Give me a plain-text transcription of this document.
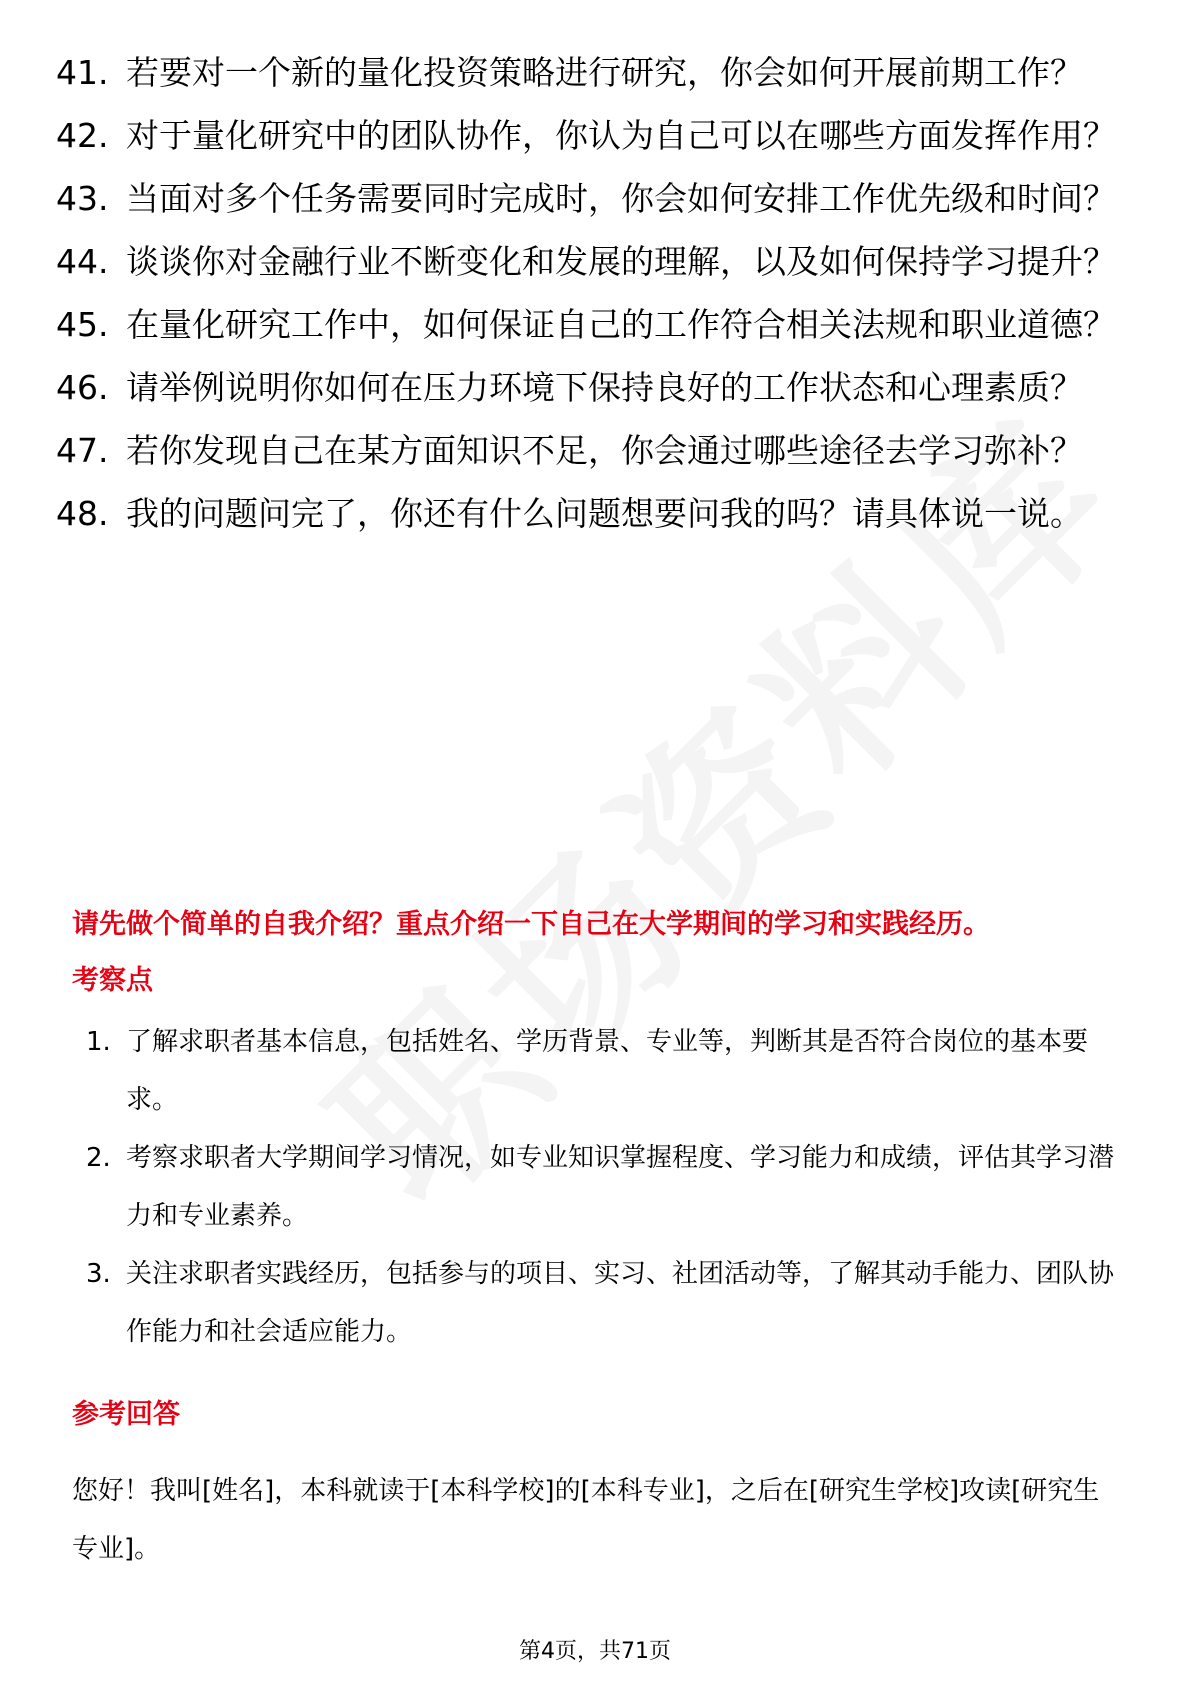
41. 若要对一个新的量化投资策略进行研究，你会如何开展前期工作？
42. 对于量化研究中的团队协作，你认为自己可以在哪些方面发挥作用？
43. 当面对多个任务需要同时完成时，你会如何安排工作优先级和时间？
44. 谈谈你对金融行业不断变化和发展的理解，以及如何保持学习提升？
45. 在量化研究工作中，如何保证自己的工作符合相关法规和职业道德？
46. 请举例说明你如何在压力环境下保持良好的工作状态和心理素质？
47. 若你发现自己在某方面知识不足，你会通过哪些途径去学习弥补？
48. 我的问题问完了，你还有什么问题想要问我的吗？请具体说一说。
请先做个简单的自我介绍？重点介绍一下自己在大学期间的学习和实践经历。
考察点
1. 了解求职者基本信息，包括姓名、学历背景、专业等，判断其是否符合岗位的基本要求。
2. 考察求职者大学期间学习情况，如专业知识掌握程度、学习能力和成绩，评估其学习潜力和专业素养。
3. 关注求职者实践经历，包括参与的项目、实习、社团活动等，了解其动手能力、团队协作能力和社会适应能力。
参考回答
您好！我叫[姓名]，本科就读于[本科学校]的[本科专业]，之后在[研究生学校]攻读[研究生专业]。
第4页，共71页
